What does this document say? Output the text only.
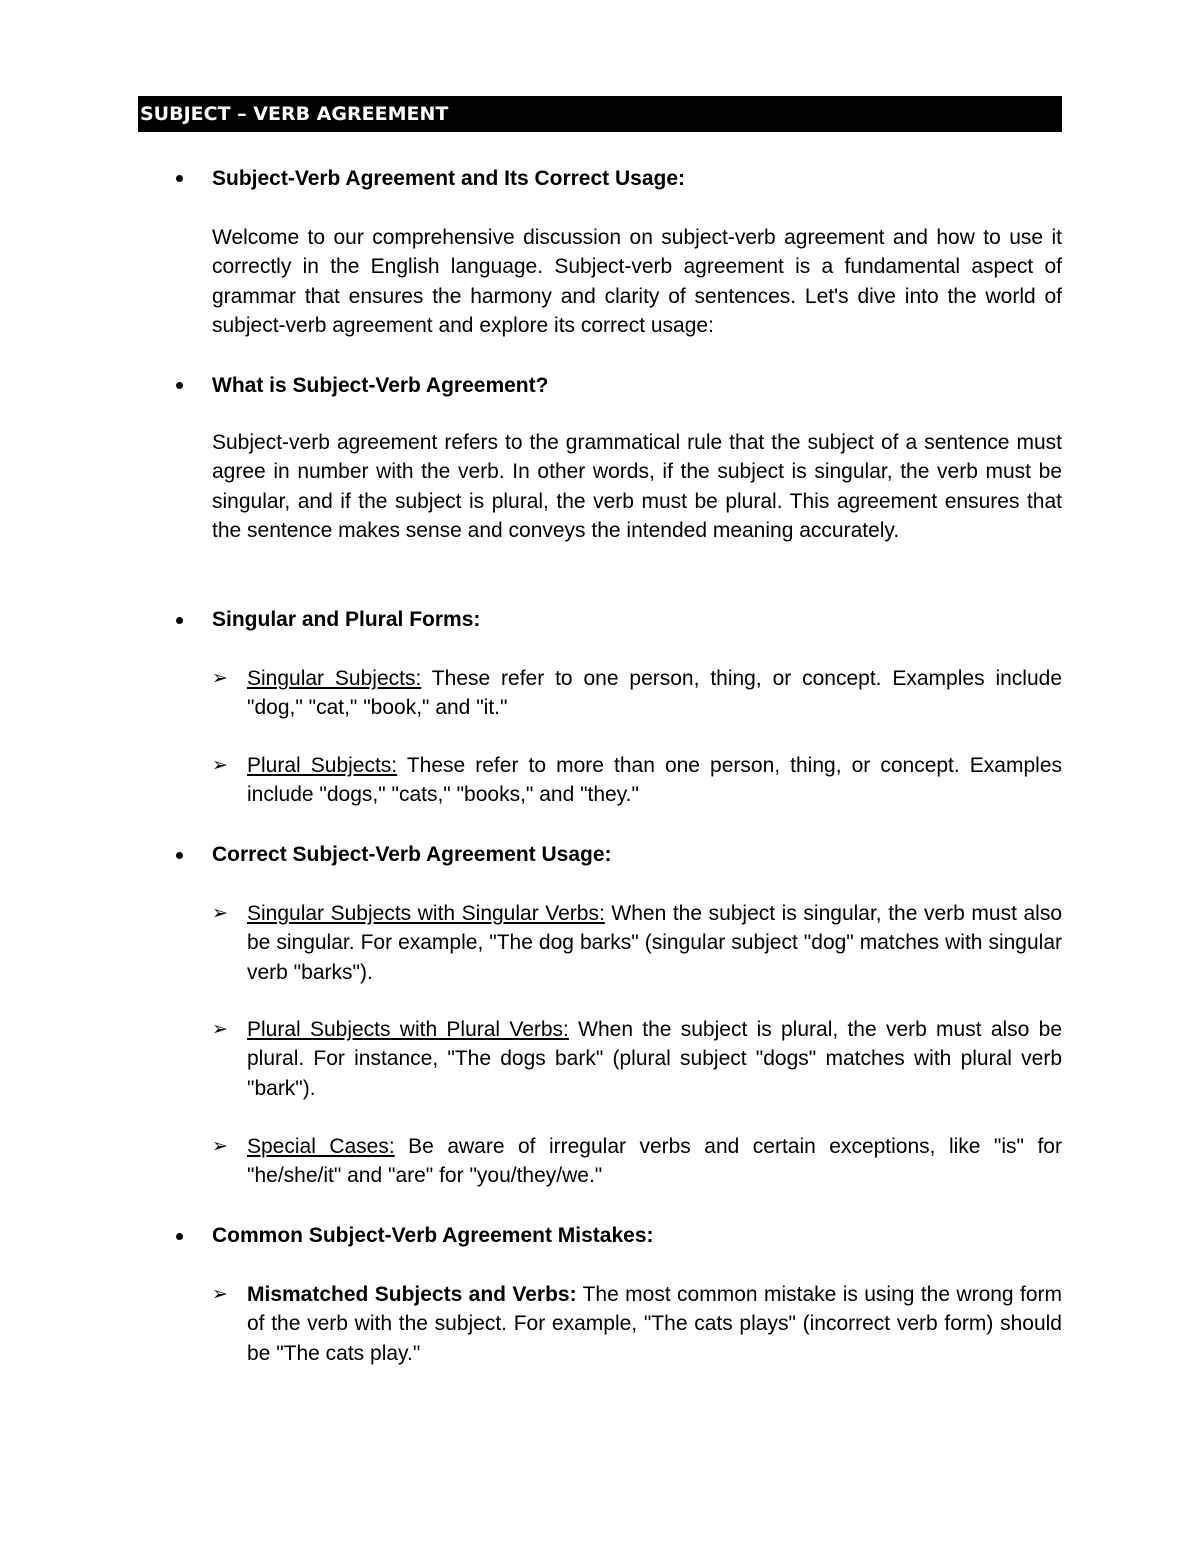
SUBJECT – VERB AGREEMENT
Subject-Verb Agreement and Its Correct Usage:
Welcome to our comprehensive discussion on subject-verb agreement and how to use it correctly in the English language. Subject-verb agreement is a fundamental aspect of grammar that ensures the harmony and clarity of sentences. Let's dive into the world of subject-verb agreement and explore its correct usage:
What is Subject-Verb Agreement?
Subject-verb agreement refers to the grammatical rule that the subject of a sentence must agree in number with the verb. In other words, if the subject is singular, the verb must be singular, and if the subject is plural, the verb must be plural. This agreement ensures that the sentence makes sense and conveys the intended meaning accurately.
Singular and Plural Forms:
➢ Singular Subjects: These refer to one person, thing, or concept. Examples include "dog," "cat," "book," and "it."
➢ Plural Subjects: These refer to more than one person, thing, or concept. Examples include "dogs," "cats," "books," and "they."
Correct Subject-Verb Agreement Usage:
➢ Singular Subjects with Singular Verbs: When the subject is singular, the verb must also be singular. For example, "The dog barks" (singular subject "dog" matches with singular verb "barks").
➢ Plural Subjects with Plural Verbs: When the subject is plural, the verb must also be plural. For instance, "The dogs bark" (plural subject "dogs" matches with plural verb "bark").
➢ Special Cases: Be aware of irregular verbs and certain exceptions, like "is" for "he/she/it" and "are" for "you/they/we."
Common Subject-Verb Agreement Mistakes:
➢ Mismatched Subjects and Verbs: The most common mistake is using the wrong form of the verb with the subject. For example, "The cats plays" (incorrect verb form) should be "The cats play."
